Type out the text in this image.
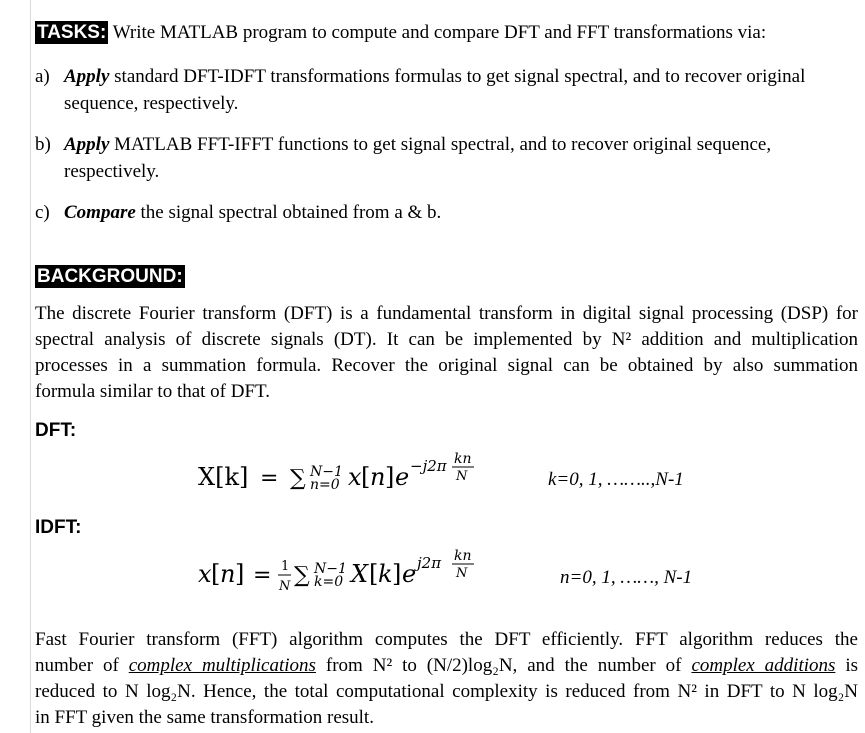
TASKS: Write MATLAB program to compute and compare DFT and FFT transformations via:
a) Apply standard DFT-IDFT transformations formulas to get signal spectral, and to recover original
sequence, respectively.
b) Apply MATLAB FFT-IFFT functions to get signal spectral, and to recover original sequence,
respectively.
c) Compare the signal spectral obtained from a & b.
BACKGROUND:
The discrete Fourier transform (DFT) is a fundamental transform in digital signal processing (DSP) for
spectral analysis of discrete signals (DT). It can be implemented by N² addition and multiplication
processes in a summation formula. Recover the original signal can be obtained by also summation
formula similar to that of DFT.
DFT:
X[k] = ∑ N−1
n=0 x [ n ] e −j2π kn
N	k=0, 1, ……..,N-1
IDFT:
x [ n ] = 1
N ∑ N−1
k=0 X [ k ] e j2π kn
N	n=0, 1, ……, N-1
Fast Fourier transform (FFT) algorithm computes the DFT efficiently. FFT algorithm reduces the
number of complex multiplications from N² to (N/2)log₂N, and the number of complex additions is
reduced to N log₂N. Hence, the total computational complexity is reduced from N² in DFT to N log₂N
in FFT given the same transformation result.
